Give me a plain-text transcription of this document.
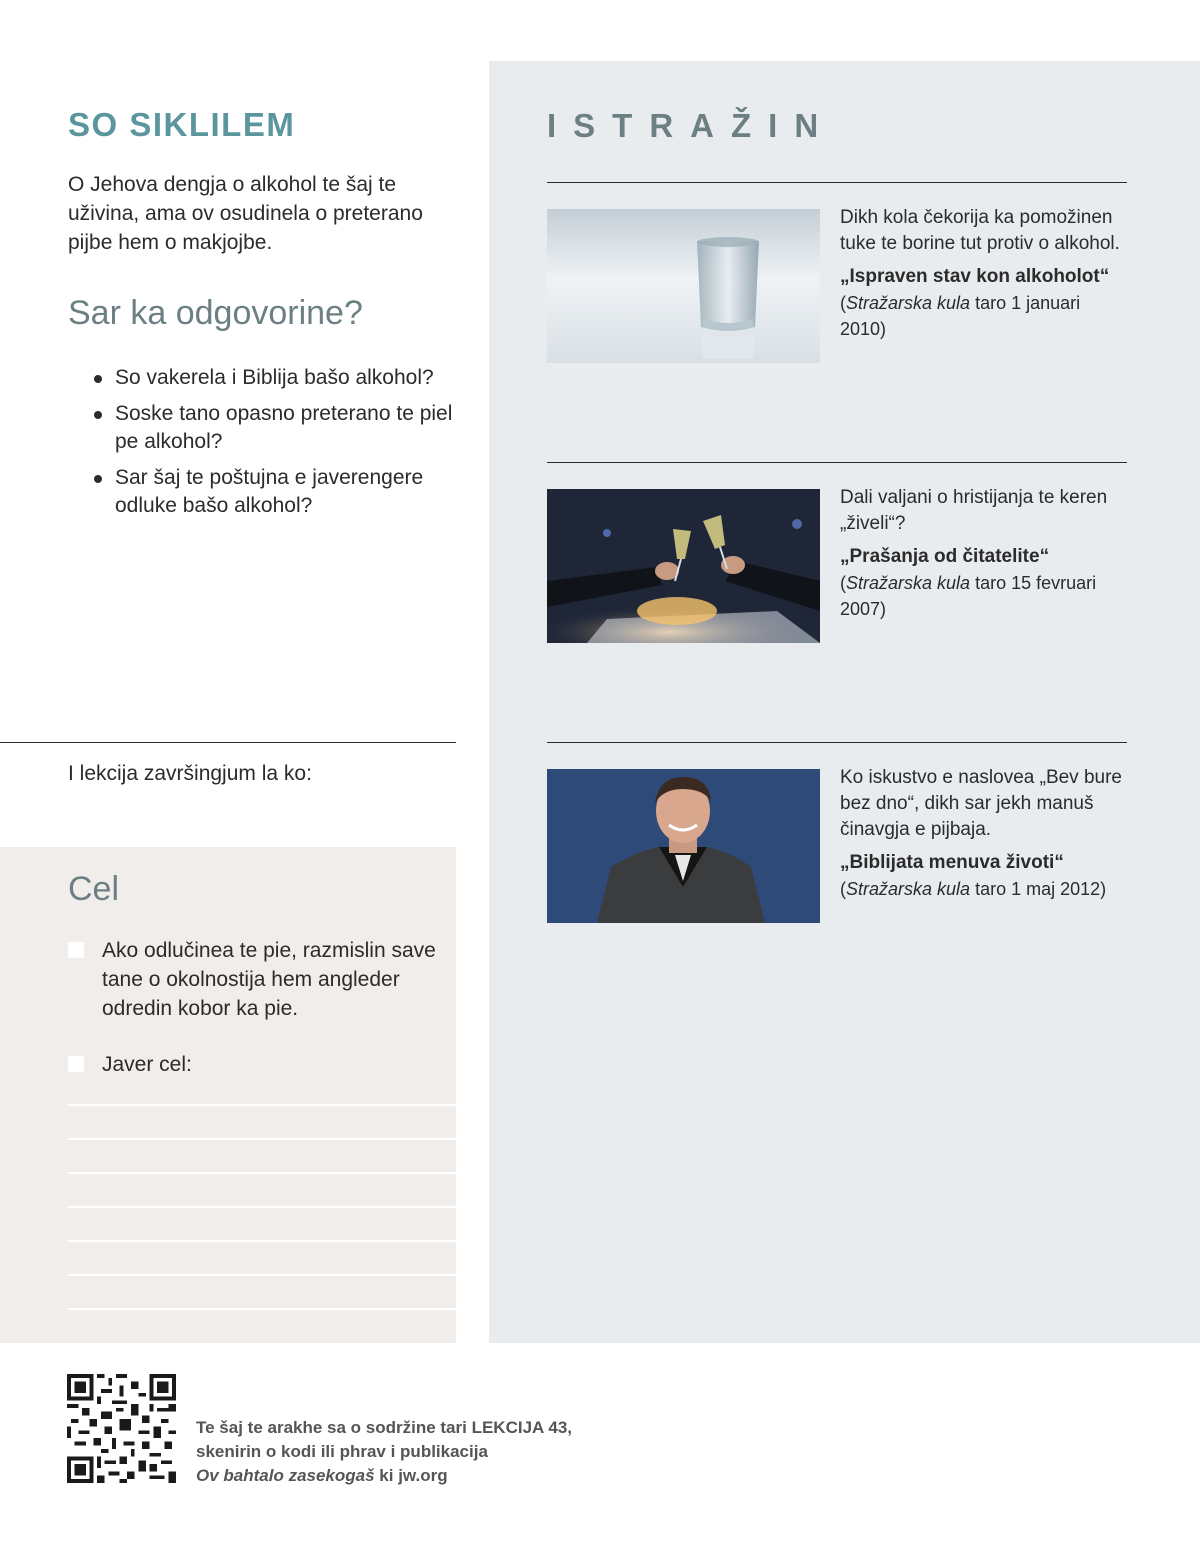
SO SIKLILEM

O Jehova dengja o alkohol te šaj te uživina, ama ov osudinela o preterano pijbe hem o makjojbe.

Sar ka odgovorine?
So vakerela i Biblija bašo alkohol?
Soske tano opasno preterano te piel pe alkohol?
Sar šaj te poštujna e javerengere odluke bašo alkohol?

I lekcija završingjum la ko:

Cel
Ako odlučinea te pie, razmislin save tane o okolnostija hem angleder odredin kobor ka pie.
Javer cel:
ISTRAŽIN
Dikh kola čekorija ka pomožinen tuke te borine tut protiv o alkohol.
„Ispraven stav kon alkoholot“
(Stražarska kula taro 1 januari 2010)
Dali valjani o hristijanja te keren „živeli“?
„Prašanja od čitatelite“
(Stražarska kula taro 15 fevruari 2007)
Ko iskustvo e naslovea „Bev bure bez dno“, dikh sar jekh manuš činavgja e pijbaja.
„Biblijata menuva životi“
(Stražarska kula taro 1 maj 2012)

Te šaj te arakhe sa o sodržine tari LEKCIJA 43,
skenirin o kodi ili phrav i publikacija
Ov bahtalo zasekogaš ki jw.org
